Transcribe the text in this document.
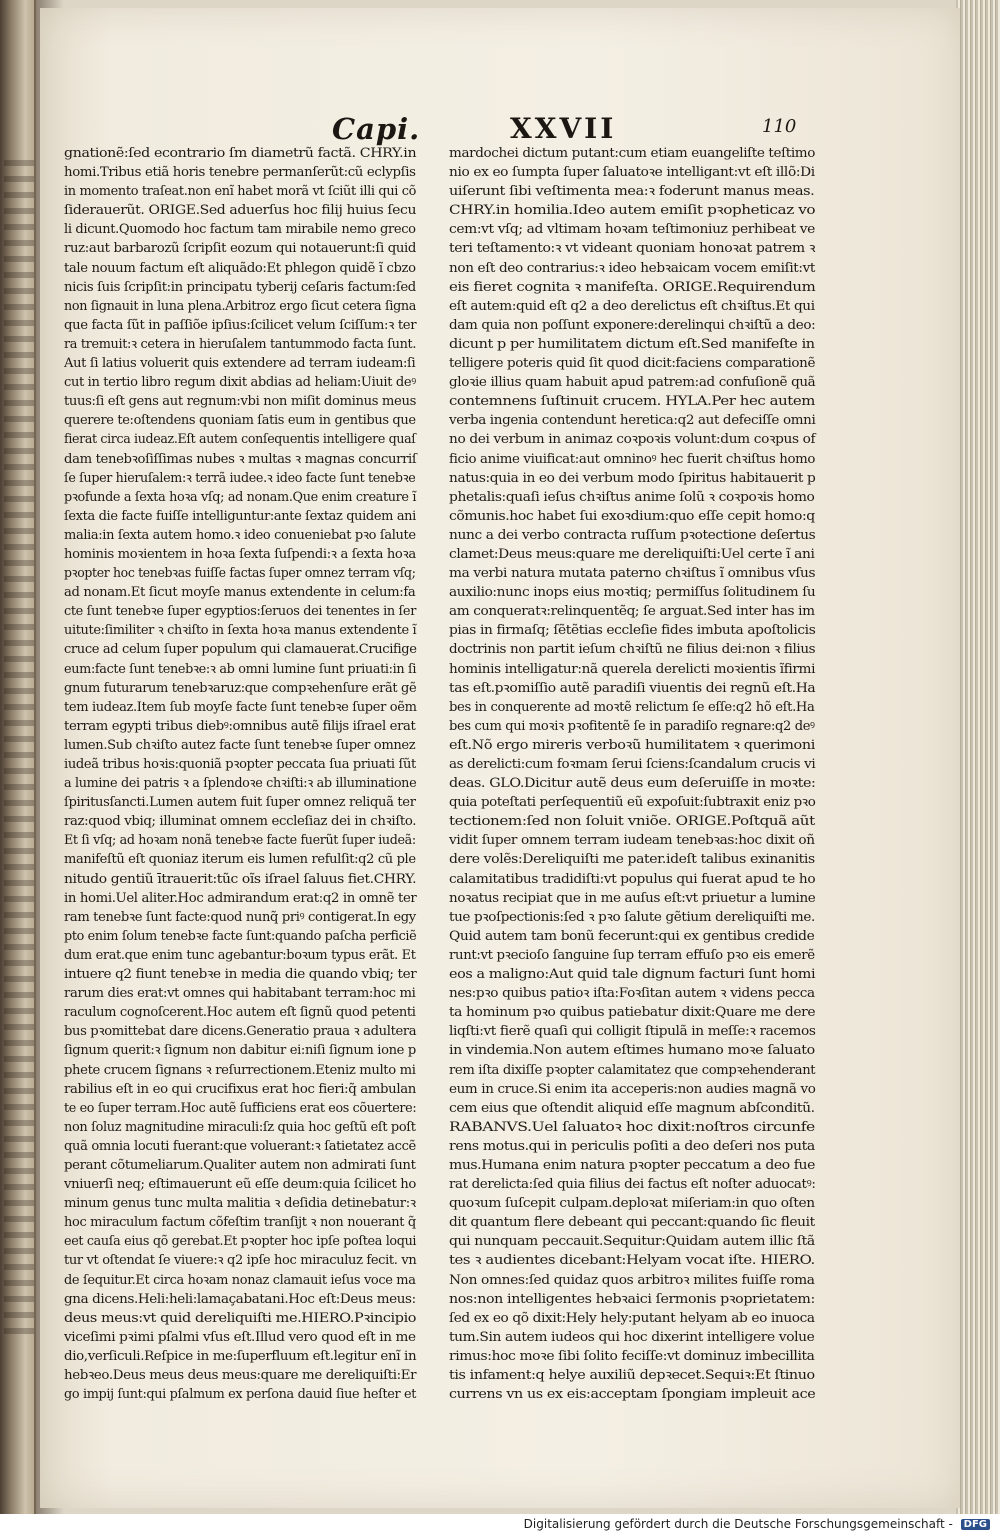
Capi.	XXVII	110
gnationẽ:ſed econtrario ſm diametrũ factã. CHRY.in
homi.Tribus etiã horis tenebre permanſerũt:cũ eclypſis
in momento traſeat.non enĩ habet morã vt ſciũt illi qui cõ
ſiderauerũt. ORIGE.Sed aduerſus hoc filij huius ſecu
li dicunt.Quomodo hoc factum tam mirabile nemo greco
ruz:aut barbarozũ ſcripſit eozum qui notauerunt:ſi quid
tale nouum factum eſt aliquãdo:Et phlegon quidẽ ĩ cbzo
nicis ſuis ſcripſit:in principatu tyberij ceſaris factum:ſed
non ſignauit in luna plena.Arbitroz ergo ſicut cetera ſigna
que facta ſũt in paſſiõe ipſius:ſcilicet velum ſciſſum:ꝛ ter
ra tremuit:ꝛ cetera in hieruſalem tantummodo facta ſunt.
Aut ſi latius voluerit quis extendere ad terram iudeam:ſi
cut in tertio libro regum dixit abdias ad heliam:Uiuit deꝰ
tuus:ſi eſt gens aut regnum:vbi non miſit dominus meus
querere te:oſtendens quoniam ſatis eum in gentibus que
fierat circa iudeaz.Eſt autem conſequentis intelligere quaſ
dam tenebꝛoſiſſimas nubes ꝛ multas ꝛ magnas concurriſ
ſe ſuper hieruſalem:ꝛ terrã iudee.ꝛ ideo facte ſunt tenebꝛe
pꝛofunde a ſexta hoꝛa vſq; ad nonam.Que enim creature ĩ
ſexta die facte fuiſſe intelliguntur:ante ſextaz quidem ani
malia:in ſexta autem homo.ꝛ ideo conueniebat pꝛo ſalute
hominis moꝛientem in hoꝛa ſexta ſuſpendi:ꝛ a ſexta hoꝛa
pꝛopter hoc tenebꝛas fuiſſe factas ſuper omnez terram vſq;
ad nonam.Et ſicut moyſe manus extendente in celum:fa
cte ſunt tenebꝛe ſuper egyptios:ſeruos dei tenentes in ſer
uitute:ſimiliter ꝛ chꝛiſto in ſexta hoꝛa manus extendente ĩ
cruce ad celum ſuper populum qui clamauerat.Crucifige
eum:facte ſunt tenebꝛe:ꝛ ab omni lumine ſunt priuati:in ſi
gnum futurarum tenebꝛaruz:que compꝛehenſure erãt gẽ
tem iudeaz.Item ſub moyſe facte ſunt tenebꝛe ſuper oẽm
terram egypti tribus diebꝰ:omnibus autẽ filijs iſrael erat
lumen.Sub chꝛiſto autez facte ſunt tenebꝛe ſuper omnez
iudeã tribus hoꝛis:quoniã pꝛopter peccata ſua priuati ſũt
a lumine dei patris ꝛ a ſplendoꝛe chꝛiſti:ꝛ ab illuminatione
ſpiritusſancti.Lumen autem fuit ſuper omnez reliquã ter
raz:quod vbiq; illuminat omnem eccleſiaz dei in chꝛiſto.
Et ſi vſq; ad hoꝛam nonã tenebꝛe facte fuerũt ſuper iudeã:
manifeſtũ eſt quoniaz iterum eis lumen refulſit:q2 cũ ple
nitudo gentiũ ītrauerit:tũc oĩs iſrael ſaluus fiet.CHRY.
in homi.Uel aliter.Hoc admirandum erat:q2 in omnẽ ter
ram tenebꝛe ſunt facte:quod nunq̃ priꝰ contigerat.In egy
pto enim ſolum tenebꝛe facte ſunt:quando paſcha perficiẽ
dum erat.que enim tunc agebantur:boꝛum typus erãt. Et
intuere q2 fiunt tenebꝛe in media die quando vbiq; ter
rarum dies erat:vt omnes qui habitabant terram:hoc mi
raculum cognoſcerent.Hoc autem eſt ſignũ quod petenti
bus pꝛomittebat dare dicens.Generatio praua ꝛ adultera
ſignum querit:ꝛ ſignum non dabitur ei:niſi ſignum ione p
phete crucem ſignans ꝛ reſurrectionem.Eteniz multo mi
rabilius eſt in eo qui crucifixus erat hoc fieri:q̃ ambulan
te eo ſuper terram.Hoc autẽ ſufficiens erat eos cõuertere:
non ſoluz magnitudine miraculi:ſz quia hoc geſtũ eſt poſt
quã omnia locuti fuerant:que voluerant:ꝛ ſatietatez accẽ
perant cõtumeliarum.Qualiter autem non admirati ſunt
vniuerſi neq; eſtimauerunt eũ eſſe deum:quia ſcilicet ho
minum genus tunc multa malitia ꝛ deſidia detinebatur:ꝛ
hoc miraculum factum cõfeſtim tranſijt ꝛ non nouerant q̃
eet cauſa eius qõ gerebat.Et pꝛopter hoc ipſe poſtea loqui
tur vt oſtendat ſe viuere:ꝛ q2 ipſe hoc miraculuz fecit. vn
de ſequitur.Et circa hoꝛam nonaz clamauit ieſus voce ma
gna dicens.Heli:heli:lamaçabatani.Hoc eſt:Deus meus:
deus meus:vt quid dereliquiſti me.HIERO.Pꝛincipio
viceſimi pꝛimi pſalmi vſus eſt.Illud vero quod eſt in me
dio,verſiculi.Reſpice in me:ſuperfluum eſt.legitur enĩ in
hebꝛeo.Deus meus deus meus:quare me dereliquiſti:Er
go impij ſunt:qui pſalmum ex perſona dauid ſiue heſter et
mardochei dictum putant:cum etiam euangeliſte teſtimo
nio ex eo ſumpta ſuper ſaluatoꝛe intelligant:vt eſt illõ:Di
uiſerunt ſibi veſtimenta mea:ꝛ foderunt manus meas.
CHRY.in homilia.Ideo autem emiſit pꝛopheticaz vo
cem:vt vſq; ad vltimam hoꝛam teſtimoniuz perhibeat ve
teri teſtamento:ꝛ vt videant quoniam honoꝛat patrem ꝛ
non eſt deo contrarius:ꝛ ideo hebꝛaicam vocem emiſit:vt
eis fieret cognita ꝛ manifeſta. ORIGE.Requirendum
eſt autem:quid eſt q2 a deo derelictus eſt chꝛiſtus.Et qui
dam quia non poſſunt exponere:derelinqui chꝛiſtũ a deo:
dicunt p per humilitatem dictum eſt.Sed manifeſte in
telligere poteris quid ſit quod dicit:faciens comparationẽ
gloꝛie illius quam habuit apud patrem:ad confuſionẽ quã
contemnens ſuſtinuit crucem. HYLA.Per hec autem
verba ingenia contendunt heretica:q2 aut defeciſſe omni
no dei verbum in animaz coꝛpoꝛis volunt:dum coꝛpus of
ficio anime viuificat:aut omninoꝰ hec fuerit chꝛiſtus homo
natus:quia in eo dei verbum modo ſpiritus habitauerit p
phetalis:quaſi ieſus chꝛiſtus anime ſolũ ꝛ coꝛpoꝛis homo
cõmunis.hoc habet ſui exoꝛdium:quo eſſe cepit homo:q
nunc a dei verbo contracta ruſſum pꝛotectione deſertus
clamet:Deus meus:quare me dereliquiſti:Uel certe ĩ ani
ma verbi natura mutata paterno chꝛiſtus ĩ omnibus vſus
auxilio:nunc inops eius moꝛtiq; permiſſus ſolitudinem ſu
am conqueratꝛ:relinquentẽq; ſe arguat.Sed inter has im
pias in firmaſq; ſẽtẽtias eccleſie fides imbuta apoſtolicis
doctrinis non partit ieſum chꝛiſtũ ne filius dei:non ꝛ filius
hominis intelligatur:nã querela derelicti moꝛientis ĩfirmi
tas eſt.pꝛomiſſio autẽ paradiſi viuentis dei regnũ eſt.Ha
bes in conquerente ad moꝛtẽ relictum ſe eſſe:q2 hõ eſt.Ha
bes cum qui moꝛiꝛ pꝛofitentẽ ſe in paradiſo regnare:q2 deꝰ
eſt.Nõ ergo mireris verboꝛũ humilitatem ꝛ querimoni
as derelicti:cum foꝛmam ſerui ſciens:ſcandalum crucis vi
deas. GLO.Dicitur autẽ deus eum deſeruiſſe in moꝛte:
quia poteſtati perſequentiũ eũ expoſuit:ſubtraxit eniz pꝛo
tectionem:ſed non ſoluit vniõe. ORIGE.Poſtquã aũt
vidit ſuper omnem terram iudeam tenebꝛas:hoc dixit oñ
dere volẽs:Dereliquiſti me pater.ideſt talibus exinanitis
calamitatibus tradidiſti:vt populus qui fuerat apud te ho
noꝛatus recipiat que in me auſus eſt:vt priuetur a lumine
tue pꝛoſpectionis:ſed ꝛ pꝛo ſalute gẽtium dereliquiſti me.
Quid autem tam bonũ fecerunt:qui ex gentibus credide
runt:vt pꝛecioſo ſanguine ſup terram effuſo pꝛo eis emerẽ
eos a maligno:Aut quid tale dignum facturi ſunt homi
nes:pꝛo quibus patioꝛ iſta:Foꝛſitan autem ꝛ videns pecca
ta hominum pꝛo quibus patiebatur dixit:Quare me dere
liqſti:vt fierẽ quaſi qui colligit ſtipulã in meſſe:ꝛ racemos
in vindemia.Non autem eſtimes humano moꝛe ſaluato
rem iſta dixiſſe pꝛopter calamitatez que compꝛehenderant
eum in cruce.Si enim ita acceperis:non audies magnã vo
cem eius que oſtendit aliquid eſſe magnum abſconditũ.
RABANVS.Uel ſaluatoꝛ hoc dixit:noſtros circunfe
rens motus.qui in periculis poſiti a deo deſeri nos puta
mus.Humana enim natura pꝛopter peccatum a deo fue
rat derelicta:ſed quia filius dei factus eſt noſter aduocatꝰ:
quoꝛum ſuſcepit culpam.deploꝛat miſeriam:in quo oſten
dit quantum flere debeant qui peccant:quando ſic fleuit
qui nunquam peccauit.Sequitur:Quidam autem illic ſtã
tes ꝛ audientes dicebant:Helyam vocat iſte. HIERO.
Non omnes:ſed quidaz quos arbitroꝛ milites fuiſſe roma
nos:non intelligentes hebꝛaici ſermonis pꝛoprietatem:
ſed ex eo qõ dixit:Hely hely:putant helyam ab eo inuoca
tum.Sin autem iudeos qui hoc dixerint intelligere volue
rimus:hoc moꝛe ſibi ſolito feciſſe:vt dominuz imbecillita
tis infament:q helye auxiliũ depꝛecet.Sequiꝛ:Et ſtinuo
currens vn us ex eis:acceptam ſpongiam impleuit ace
Digitalisierung gefördert durch die Deutsche Forschungsgemeinschaft - DFG
